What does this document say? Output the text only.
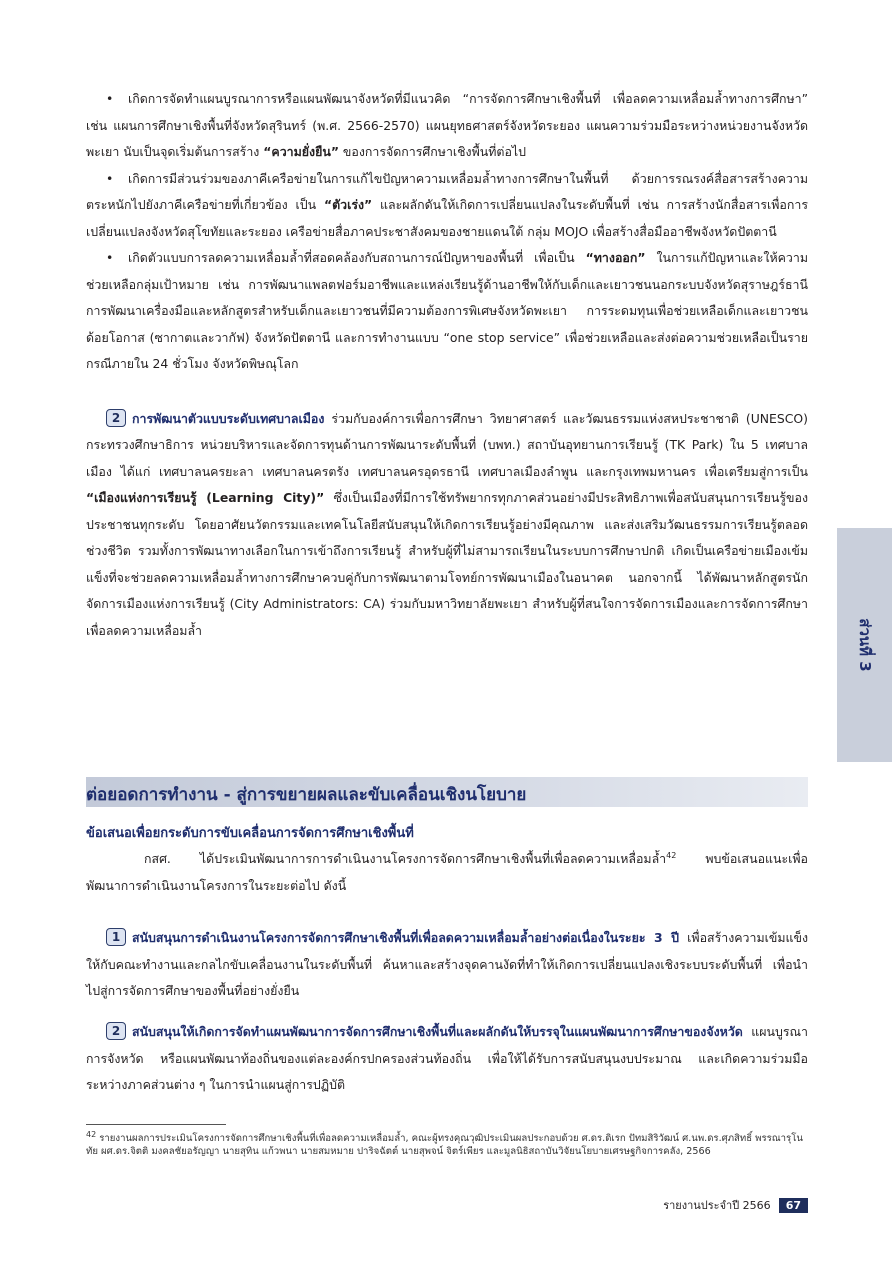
• เกิดการจัดทำแผนบูรณาการหรือแผนพัฒนาจังหวัดที่มีแนวคิด “การจัดการศึกษาเชิงพื้นที่ เพื่อลดความเหลื่อมล้ำทางการศึกษา” เช่น แผนการศึกษาเชิงพื้นที่จังหวัดสุรินทร์ (พ.ศ. 2566-2570) แผนยุทธศาสตร์จังหวัดระยอง แผนความร่วมมือระหว่างหน่วยงานจังหวัดพะเยา นับเป็นจุดเริ่มต้นการสร้าง “ความยั่งยืน” ของการจัดการศึกษาเชิงพื้นที่ต่อไป

• เกิดการมีส่วนร่วมของภาคีเครือข่ายในการแก้ไขปัญหาความเหลื่อมล้ำทางการศึกษาในพื้นที่ ด้วยการรณรงค์สื่อสารสร้างความตระหนักไปยังภาคีเครือข่ายที่เกี่ยวข้อง เป็น “ตัวเร่ง” และผลักดันให้เกิดการเปลี่ยนแปลงในระดับพื้นที่ เช่น การสร้างนักสื่อสารเพื่อการเปลี่ยนแปลงจังหวัดสุโขทัยและระยอง เครือข่ายสื่อภาคประชาสังคมของชายแดนใต้ กลุ่ม MOJO เพื่อสร้างสื่อมืออาชีพจังหวัดปัตตานี

• เกิดตัวแบบการลดความเหลื่อมล้ำที่สอดคล้องกับสถานการณ์ปัญหาของพื้นที่ เพื่อเป็น “ทางออก” ในการแก้ปัญหาและให้ความช่วยเหลือกลุ่มเป้าหมาย เช่น การพัฒนาแพลตฟอร์มอาชีพและแหล่งเรียนรู้ด้านอาชีพให้กับเด็กและเยาวชนนอกระบบจังหวัดสุราษฎร์ธานี การพัฒนาเครื่องมือและหลักสูตรสำหรับเด็กและเยาวชนที่มีความต้องการพิเศษจังหวัดพะเยา การระดมทุนเพื่อช่วยเหลือเด็กและเยาวชนด้อยโอกาส (ซากาตและวากัฟ) จังหวัดปัตตานี และการทำงานแบบ “one stop service” เพื่อช่วยเหลือและส่งต่อความช่วยเหลือเป็นรายกรณีภายใน 24 ชั่วโมง จังหวัดพิษณุโลก

2 การพัฒนาตัวแบบระดับเทศบาลเมือง ร่วมกับองค์การเพื่อการศึกษา วิทยาศาสตร์ และวัฒนธรรมแห่งสหประชาชาติ (UNESCO) กระทรวงศึกษาธิการ หน่วยบริหารและจัดการทุนด้านการพัฒนาระดับพื้นที่ (บพท.) สถาบันอุทยานการเรียนรู้ (TK Park) ใน 5 เทศบาลเมือง ได้แก่ เทศบาลนครยะลา เทศบาลนครตรัง เทศบาลนครอุดรธานี เทศบาลเมืองลำพูน และกรุงเทพมหานคร เพื่อเตรียมสู่การเป็น “เมืองแห่งการเรียนรู้ (Learning City)” ซึ่งเป็นเมืองที่มีการใช้ทรัพยากรทุกภาคส่วนอย่างมีประสิทธิภาพเพื่อสนับสนุนการเรียนรู้ของประชาชนทุกระดับ โดยอาศัยนวัตกรรมและเทคโนโลยีสนับสนุนให้เกิดการเรียนรู้อย่างมีคุณภาพ และส่งเสริมวัฒนธรรมการเรียนรู้ตลอดช่วงชีวิต รวมทั้งการพัฒนาทางเลือกในการเข้าถึงการเรียนรู้ สำหรับผู้ที่ไม่สามารถเรียนในระบบการศึกษาปกติ เกิดเป็นเครือข่ายเมืองเข้มแข็งที่จะช่วยลดความเหลื่อมล้ำทางการศึกษาควบคู่กับการพัฒนาตามโจทย์การพัฒนาเมืองในอนาคต นอกจากนี้ ได้พัฒนาหลักสูตรนักจัดการเมืองแห่งการเรียนรู้ (City Administrators: CA) ร่วมกับมหาวิทยาลัยพะเยา สำหรับผู้ที่สนใจการจัดการเมืองและการจัดการศึกษาเพื่อลดความเหลื่อมล้ำ

ต่อยอดการทำงาน - สู่การขยายผลและขับเคลื่อนเชิงนโยบาย
ข้อเสนอเพื่อยกระดับการขับเคลื่อนการจัดการศึกษาเชิงพื้นที่

กสศ. ได้ประเมินพัฒนาการการดำเนินงานโครงการจัดการศึกษาเชิงพื้นที่เพื่อลดความเหลื่อมล้ำ$^{42}$ พบข้อเสนอแนะเพื่อพัฒนาการดำเนินงานโครงการในระยะต่อไป ดังนี้

1 สนับสนุนการดำเนินงานโครงการจัดการศึกษาเชิงพื้นที่เพื่อลดความเหลื่อมล้ำอย่างต่อเนื่องในระยะ 3 ปี เพื่อสร้างความเข้มแข็งให้กับคณะทำงานและกลไกขับเคลื่อนงานในระดับพื้นที่ ค้นหาและสร้างจุดคานงัดที่ทำให้เกิดการเปลี่ยนแปลงเชิงระบบระดับพื้นที่ เพื่อนำไปสู่การจัดการศึกษาของพื้นที่อย่างยั่งยืน

2 สนับสนุนให้เกิดการจัดทำแผนพัฒนาการจัดการศึกษาเชิงพื้นที่และผลักดันให้บรรจุในแผนพัฒนาการศึกษาของจังหวัด แผนบูรณาการจังหวัด หรือแผนพัฒนาท้องถิ่นของแต่ละองค์กรปกครองส่วนท้องถิ่น เพื่อให้ได้รับการสนับสนุนงบประมาณ และเกิดความร่วมมือระหว่างภาคส่วนต่าง ๆ ในการนำแผนสู่การปฏิบัติ

$^{42}$ รายงานผลการประเมินโครงการจัดการศึกษาเชิงพื้นที่เพื่อลดความเหลื่อมล้ำ, คณะผู้ทรงคุณวุฒิประเมินผลประกอบด้วย ศ.ดร.ดิเรก ปัทมสิริวัฒน์ ศ.นพ.ดร.ศุภสิทธิ์ พรรณารุโนทัย ผศ.ดร.จิตติ มงคลชัยอรัญญา นายสุทิน แก้วพนา นายสมหมาย ปาริจฉัตต์ นายสุพจน์ จิตร์เพียร และมูลนิธิสถาบันวิจัยนโยบายเศรษฐกิจการคลัง, 2566
ส่วนที่ 3
รายงานประจำปี 2566	67
